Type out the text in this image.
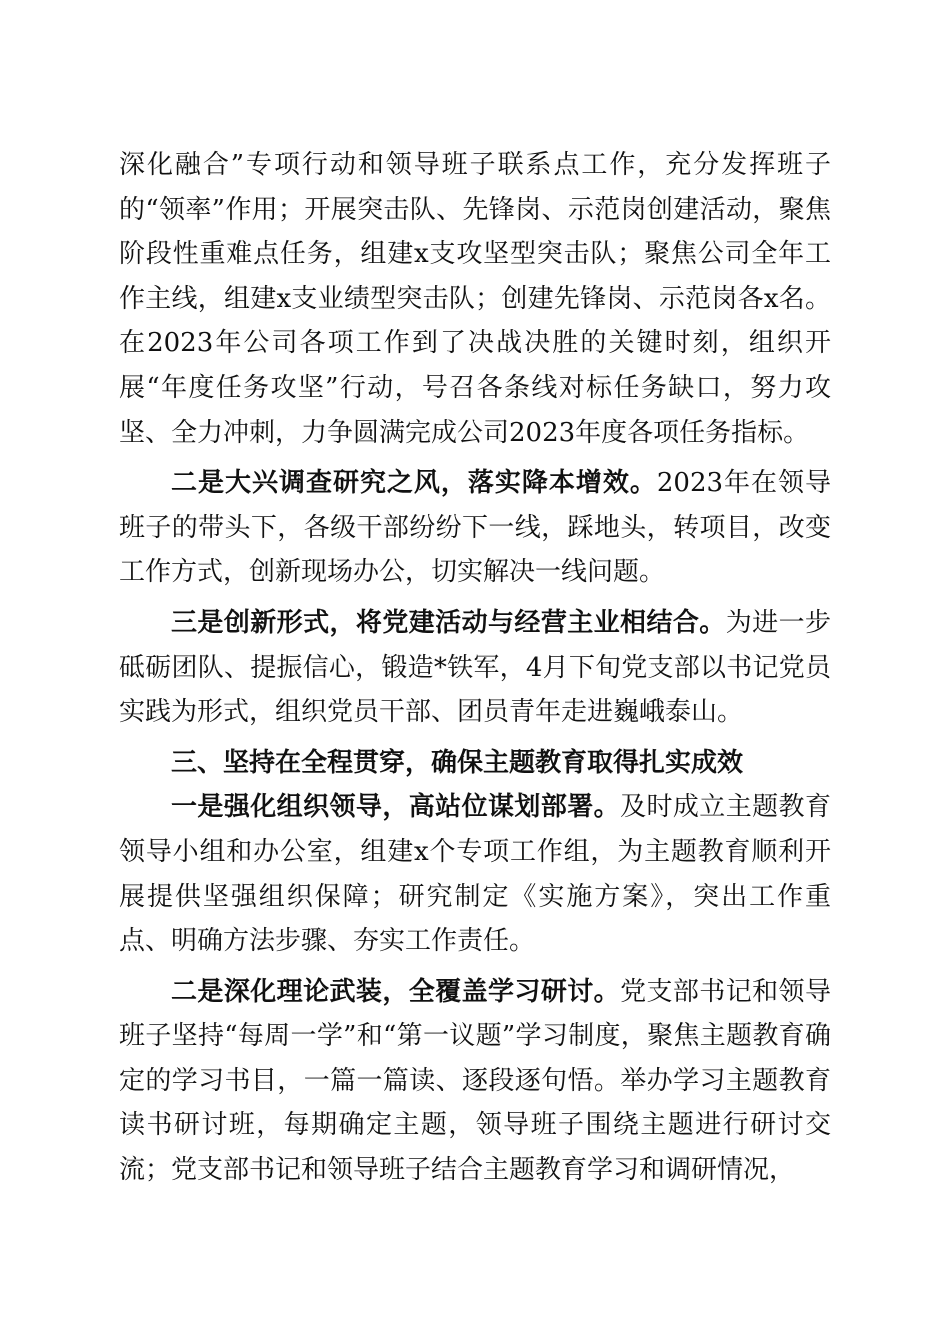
深化融合”专项行动和领导班子联系点工作，充分发挥班子的“领率”作用；开展突击队、先锋岗、示范岗创建活动，聚焦阶段性重难点任务，组建x支攻坚型突击队；聚焦公司全年工作主线，组建x支业绩型突击队；创建先锋岗、示范岗各x名。在2023年公司各项工作到了决战决胜的关键时刻，组织开展“年度任务攻坚”行动，号召各条线对标任务缺口，努力攻坚、全力冲刺，力争圆满完成公司2023年度各项任务指标。

二是大兴调查研究之风，落实降本增效。2023年在领导班子的带头下，各级干部纷纷下一线，踩地头，转项目，改变工作方式，创新现场办公，切实解决一线问题。

三是创新形式，将党建活动与经营主业相结合。为进一步砥砺团队、提振信心，锻造*铁军，4月下旬党支部以书记党员实践为形式，组织党员干部、团员青年走进巍峨泰山。

三、坚持在全程贯穿，确保主题教育取得扎实成效

一是强化组织领导，高站位谋划部署。及时成立主题教育领导小组和办公室，组建x个专项工作组，为主题教育顺利开展提供坚强组织保障；研究制定《实施方案》，突出工作重点、明确方法步骤、夯实工作责任。

二是深化理论武装，全覆盖学习研讨。党支部书记和领导班子坚持“每周一学”和“第一议题”学习制度，聚焦主题教育确定的学习书目，一篇一篇读、逐段逐句悟。举办学习主题教育读书研讨班，每期确定主题，领导班子围绕主题进行研讨交流；党支部书记和领导班子结合主题教育学习和调研情况，
